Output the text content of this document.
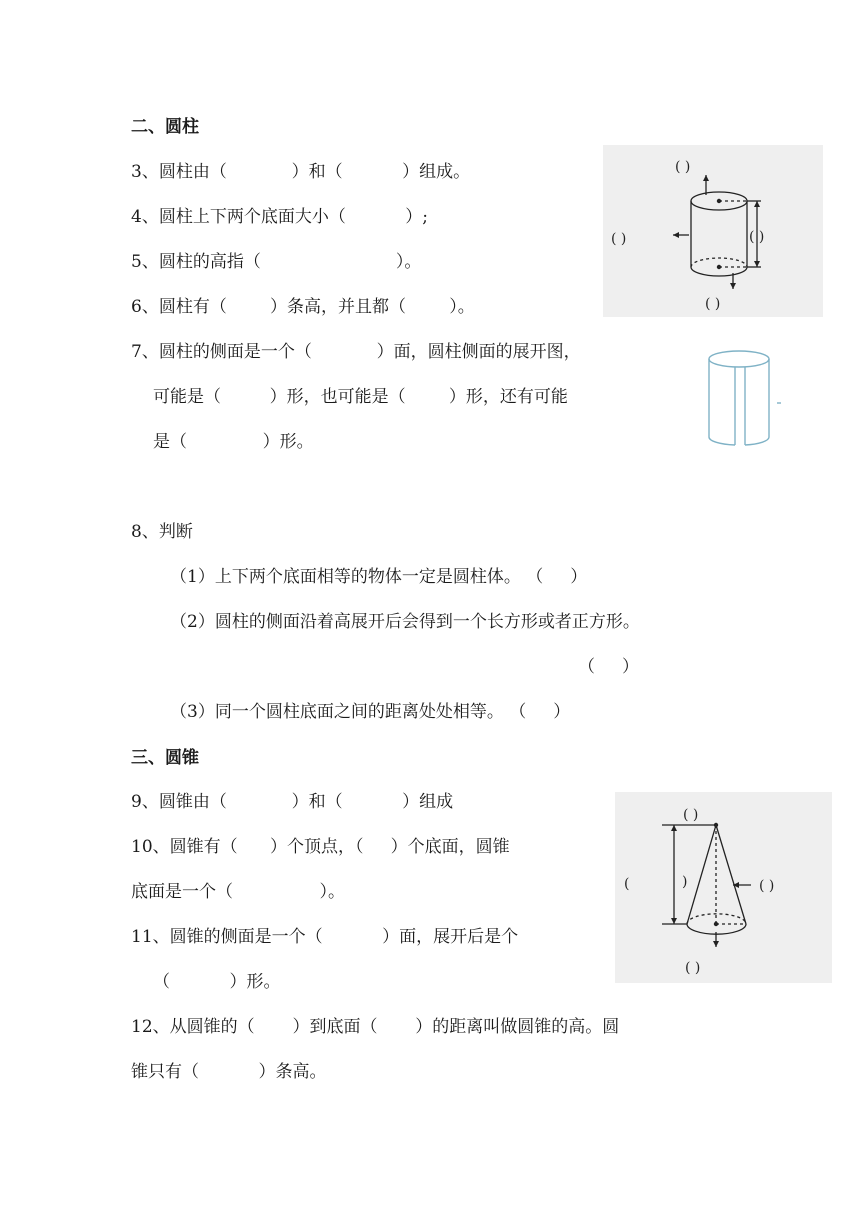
二、圆柱
3、圆柱由（            ）和（           ）组成。
4、圆柱上下两个底面大小（           ）;
5、圆柱的高指（                         ）。
6、圆柱有（        ）条高，并且都（        ）。
7、圆柱的侧面是一个（            ）面，圆柱侧面的展开图，
可能是（         ）形，也可能是（        ）形，还有可能
是（              ）形。
8、判断
（1）上下两个底面相等的物体一定是圆柱体。 （     ）
（2）圆柱的侧面沿着高展开后会得到一个长方形或者正方形。
（     ）
（3）同一个圆柱底面之间的距离处处相等。 （     ）
三、圆锥
9、圆锥由（            ）和（           ）组成
10、圆锥有（      ）个顶点，（     ）个底面，圆锥
底面是一个（                ）。
11、圆锥的侧面是一个（           ）面，展开后是个
（           ）形。
12、从圆锥的（       ）到底面（       ）的距离叫做圆锥的高。圆
锥只有（           ）条高。
( )
( )	( )
( )
( )
(	)	( )
( )
